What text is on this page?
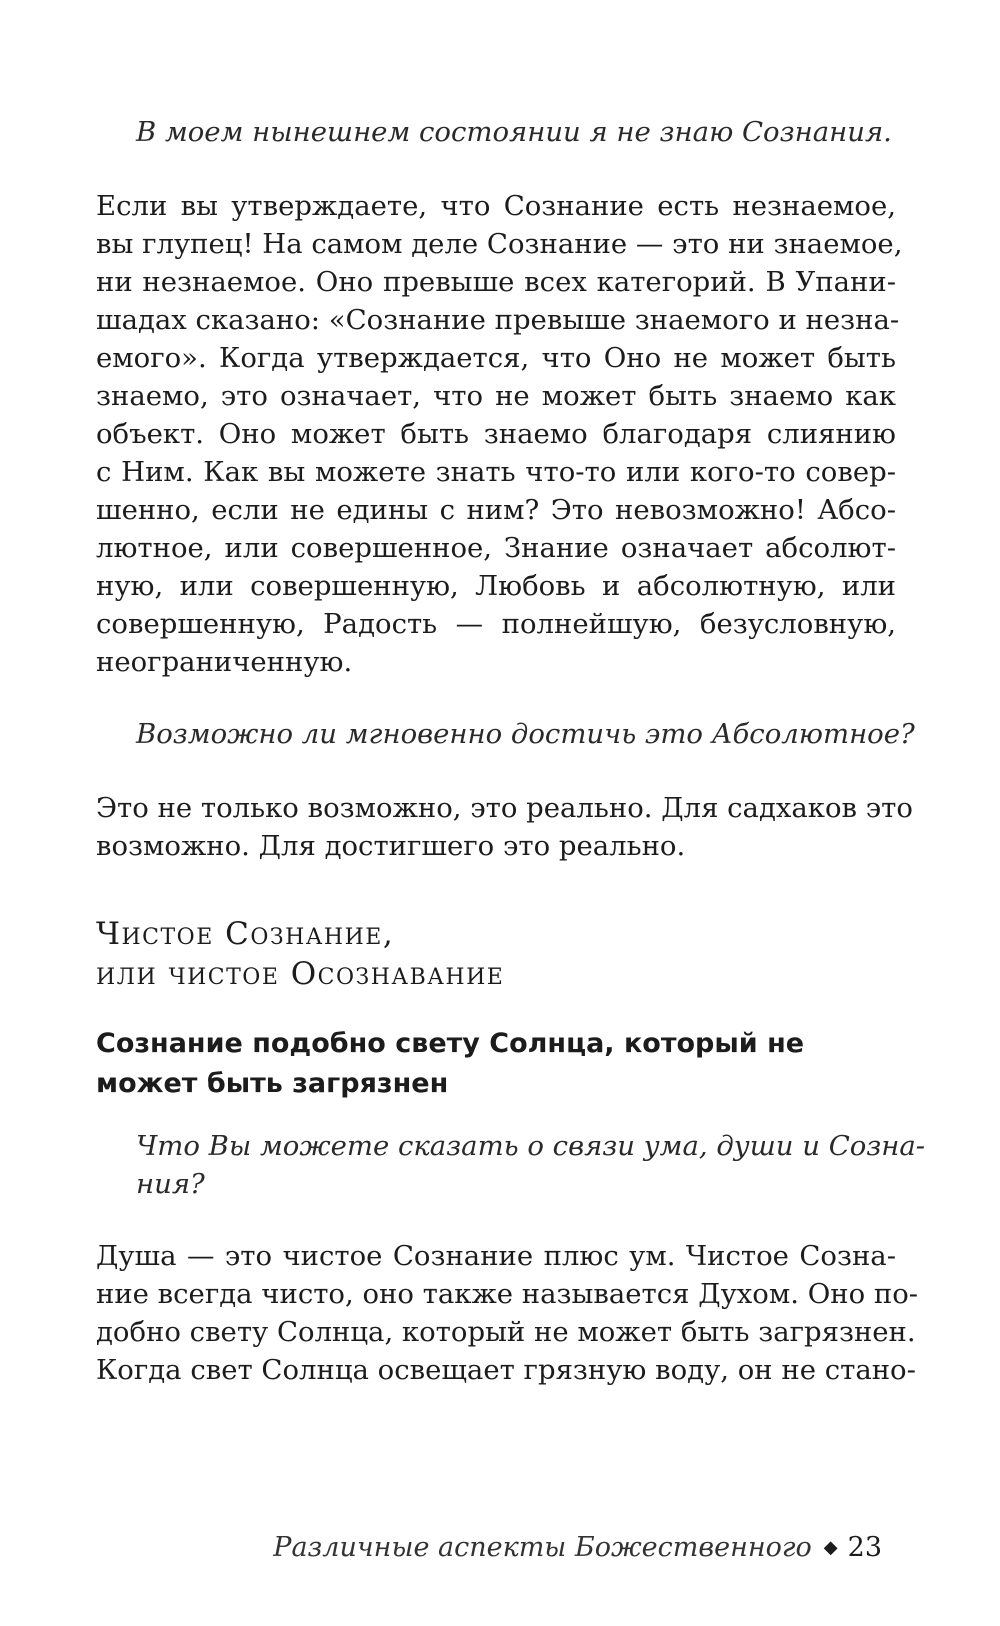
В моем нынешнем состоянии я не знаю Сознания.

Если вы утверждаете, что Сознание есть незнаемое,

вы глупец! На самом деле Сознание — это ни знаемое,

ни незнаемое. Оно превыше всех категорий. В Упани-

шадах сказано: «Сознание превыше знаемого и незна-

емого». Когда утверждается, что Оно не может быть

знаемо, это означает, что не может быть знаемо как

объект. Оно может быть знаемо благодаря слиянию

с Ним. Как вы можете знать что-то или кого-то совер-

шенно, если не едины с ним? Это невозможно! Абсо-

лютное, или совершенное, Знание означает абсолют-

ную, или совершенную, Любовь и абсолютную, или

совершенную, Радость — полнейшую, безусловную,

неограниченную.

Возможно ли мгновенно достичь это Абсолютное?

Это не только возможно, это реально. Для садхаков это

возможно. Для достигшего это реально.

Чистое Сознание,
или чистое Осознавание
Сознание подобно свету Солнца, который не
может быть загрязнен

Что Вы можете сказать о связи ума, души и Созна-

ния?

Душа — это чистое Сознание плюс ум. Чистое Созна-

ние всегда чисто, оно также называется Духом. Оно по-

добно свету Солнца, который не может быть загрязнен.

Когда свет Солнца освещает грязную воду, он не стано-

Различные аспекты Божественного ◆ 23
